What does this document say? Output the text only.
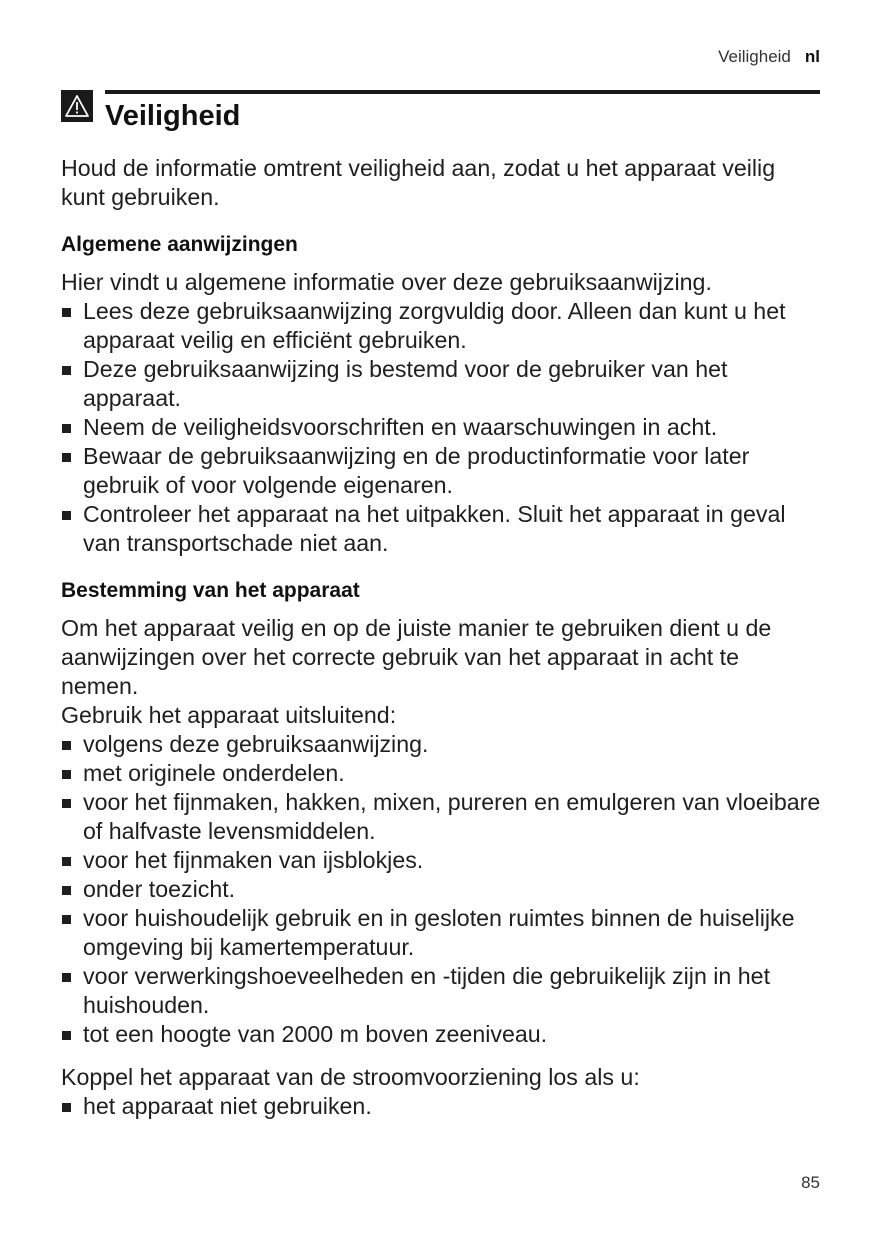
Veiligheid nl
Veiligheid

Houd de informatie omtrent veiligheid aan, zodat u het apparaat veilig kunt gebruiken.

Algemene aanwijzingen

Hier vindt u algemene informatie over deze gebruiksaanwijzing.

Lees deze gebruiksaanwijzing zorgvuldig door. Alleen dan kunt u het apparaat veilig en efficiënt gebruiken.
Deze gebruiksaanwijzing is bestemd voor de gebruiker van het apparaat.
Neem de veiligheidsvoorschriften en waarschuwingen in acht.
Bewaar de gebruiksaanwijzing en de productinformatie voor later gebruik of voor volgende eigenaren.
Controleer het apparaat na het uitpakken. Sluit het apparaat in geval van transportschade niet aan.
Bestemming van het apparaat

Om het apparaat veilig en op de juiste manier te gebruiken dient u de aanwijzingen over het correcte gebruik van het apparaat in acht te nemen.

Gebruik het apparaat uitsluitend:

volgens deze gebruiksaanwijzing.
met originele onderdelen.
voor het fijnmaken, hakken, mixen, pureren en emulgeren van vloeibare of halfvaste levensmiddelen.
voor het fijnmaken van ijsblokjes.
onder toezicht.
voor huishoudelijk gebruik en in gesloten ruimtes binnen de huiselijke omgeving bij kamertemperatuur.
voor verwerkingshoeveelheden en -tijden die gebruikelijk zijn in het huishouden.
tot een hoogte van 2000 m boven zeeniveau.

Koppel het apparaat van de stroomvoorziening los als u:

het apparaat niet gebruiken.
85
